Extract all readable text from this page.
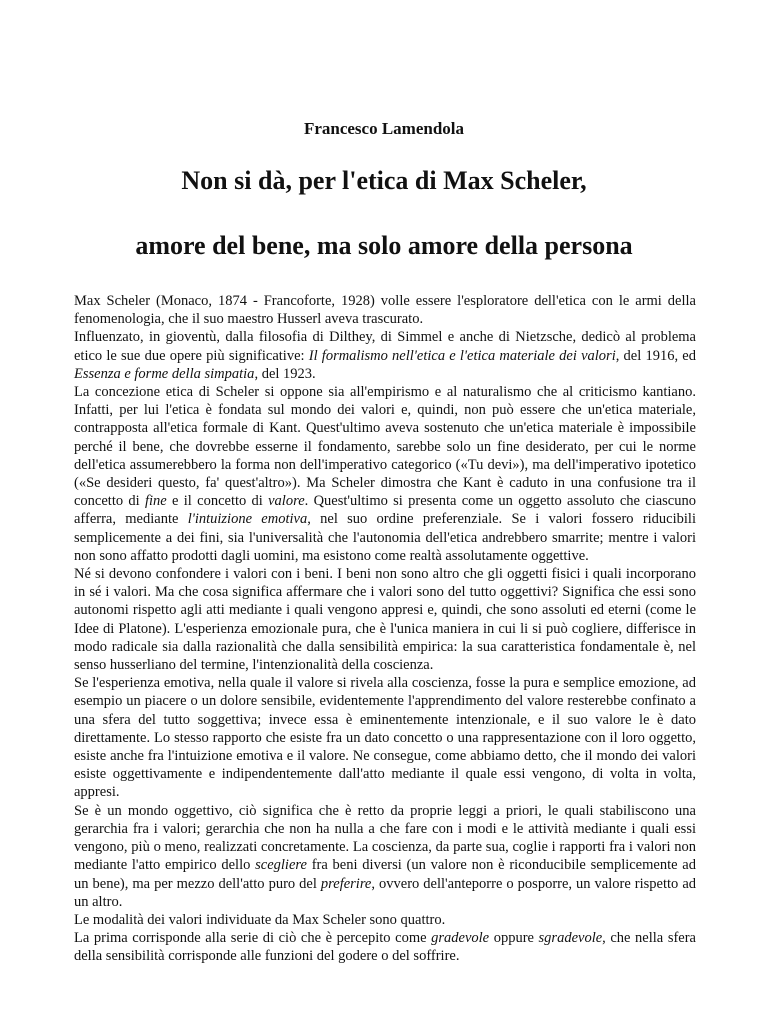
Francesco Lamendola

Non si dà, per l'etica di Max Scheler,
amore del bene, ma solo amore della persona

Max Scheler (Monaco, 1874 - Francoforte, 1928) volle essere l'esploratore dell'etica con le armi della fenomenologia, che il suo maestro Husserl aveva trascurato.

Influenzato, in gioventù, dalla filosofia di Dilthey, di Simmel e anche di Nietzsche, dedicò al problema etico le sue due opere più significative: Il formalismo nell'etica e l'etica materiale dei valori, del 1916, ed Essenza e forme della simpatia, del 1923.

La concezione etica di Scheler si oppone sia all'empirismo e al naturalismo che al criticismo kantiano. Infatti, per lui l'etica è fondata sul mondo dei valori e, quindi, non può essere che un'etica materiale, contrapposta all'etica formale di Kant. Quest'ultimo aveva sostenuto che un'etica materiale è impossibile perché il bene, che dovrebbe esserne il fondamento, sarebbe solo un fine desiderato, per cui le norme dell'etica assumerebbero la forma non dell'imperativo categorico («Tu devi»), ma dell'imperativo ipotetico («Se desideri questo, fa' quest'altro»). Ma Scheler dimostra che Kant è caduto in una confusione tra il concetto di fine e il concetto di valore. Quest'ultimo si presenta come un oggetto assoluto che ciascuno afferra, mediante l'intuizione emotiva, nel suo ordine preferenziale. Se i valori fossero riducibili semplicemente a dei fini, sia l'universalità che l'autonomia dell'etica andrebbero smarrite; mentre i valori non sono affatto prodotti dagli uomini, ma esistono come realtà assolutamente oggettive.

Né si devono confondere i valori con i beni. I beni non sono altro che gli oggetti fisici i quali incorporano in sé i valori. Ma che cosa significa affermare che i valori sono del tutto oggettivi? Significa che essi sono autonomi rispetto agli atti mediante i quali vengono appresi e, quindi, che sono assoluti ed eterni (come le Idee di Platone). L'esperienza emozionale pura, che è l'unica maniera in cui li si può cogliere, differisce in modo radicale sia dalla razionalità che dalla sensibilità empirica: la sua caratteristica fondamentale è, nel senso husserliano del termine, l'intenzionalità della coscienza.

Se l'esperienza emotiva, nella quale il valore si rivela alla coscienza, fosse la pura e semplice emozione, ad esempio un piacere o un dolore sensibile, evidentemente l'apprendimento del valore resterebbe confinato a una sfera del tutto soggettiva; invece essa è eminentemente intenzionale, e il suo valore le è dato direttamente. Lo stesso rapporto che esiste fra un dato concetto o una rappresentazione con il loro oggetto, esiste anche fra l'intuizione emotiva e il valore. Ne consegue, come abbiamo detto, che il mondo dei valori esiste oggettivamente e indipendentemente dall'atto mediante il quale essi vengono, di volta in volta, appresi.

Se è un mondo oggettivo, ciò significa che è retto da proprie leggi a priori, le quali stabiliscono una gerarchia fra i valori; gerarchia che non ha nulla a che fare con i modi e le attività mediante i quali essi vengono, più o meno, realizzati concretamente. La coscienza, da parte sua, coglie i rapporti fra i valori non mediante l'atto empirico dello scegliere fra beni diversi (un valore non è riconducibile semplicemente ad un bene), ma per mezzo dell'atto puro del preferire, ovvero dell'anteporre o posporre, un valore rispetto ad un altro.

Le modalità dei valori individuate da Max Scheler sono quattro.

La prima corrisponde alla serie di ciò che è percepito come gradevole oppure sgradevole, che nella sfera della sensibilità corrisponde alle funzioni del godere o del soffrire.
